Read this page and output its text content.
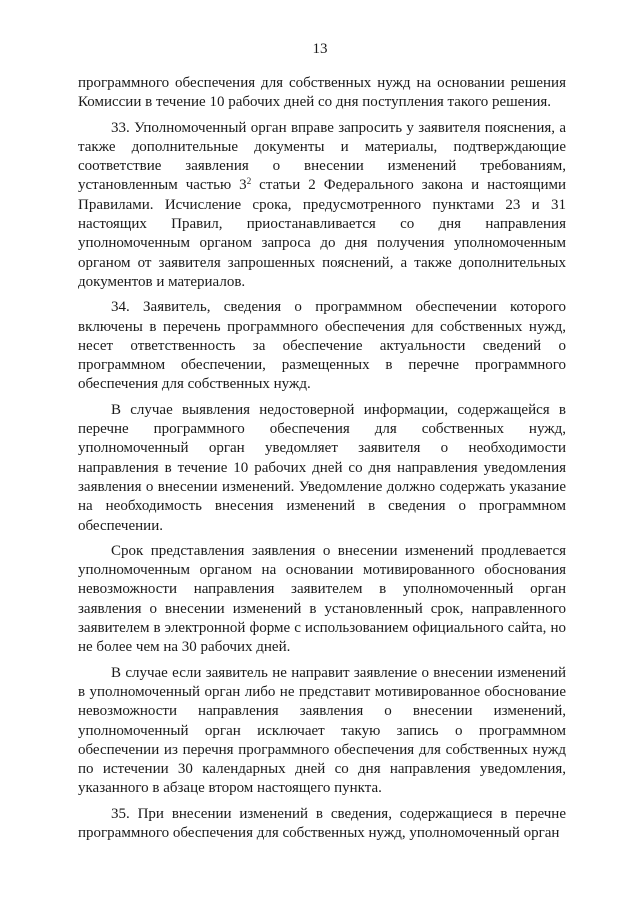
13

программного обеспечения для собственных нужд на основании решения Комиссии в течение 10 рабочих дней со дня поступления такого решения.

33. Уполномоченный орган вправе запросить у заявителя пояснения, а также дополнительные документы и материалы, подтверждающие соответствие заявления о внесении изменений требованиям, установленным частью $3^2$ статьи 2 Федерального закона и настоящими Правилами. Исчисление срока, предусмотренного пунктами 23 и 31 настоящих Правил, приостанавливается со дня направления уполномоченным органом запроса до дня получения уполномоченным органом от заявителя запрошенных пояснений, а также дополнительных документов и материалов.

34. Заявитель, сведения о программном обеспечении которого включены в перечень программного обеспечения для собственных нужд, несет ответственность за обеспечение актуальности сведений о программном обеспечении, размещенных в перечне программного обеспечения для собственных нужд.

В случае выявления недостоверной информации, содержащейся в перечне программного обеспечения для собственных нужд, уполномоченный орган уведомляет заявителя о необходимости направления в течение 10 рабочих дней со дня направления уведомления заявления о внесении изменений. Уведомление должно содержать указание на необходимость внесения изменений в сведения о программном обеспечении.

Срок представления заявления о внесении изменений продлевается уполномоченным органом на основании мотивированного обоснования невозможности направления заявителем в уполномоченный орган заявления о внесении изменений в установленный срок, направленного заявителем в электронной форме с использованием официального сайта, но не более чем на 30 рабочих дней.

В случае если заявитель не направит заявление о внесении изменений в уполномоченный орган либо не представит мотивированное обоснование невозможности направления заявления о внесении изменений, уполномоченный орган исключает такую запись о программном обеспечении из перечня программного обеспечения для собственных нужд по истечении 30 календарных дней со дня направления уведомления, указанного в абзаце втором настоящего пункта.

35. При внесении изменений в сведения, содержащиеся в перечне программного обеспечения для собственных нужд, уполномоченный орган
